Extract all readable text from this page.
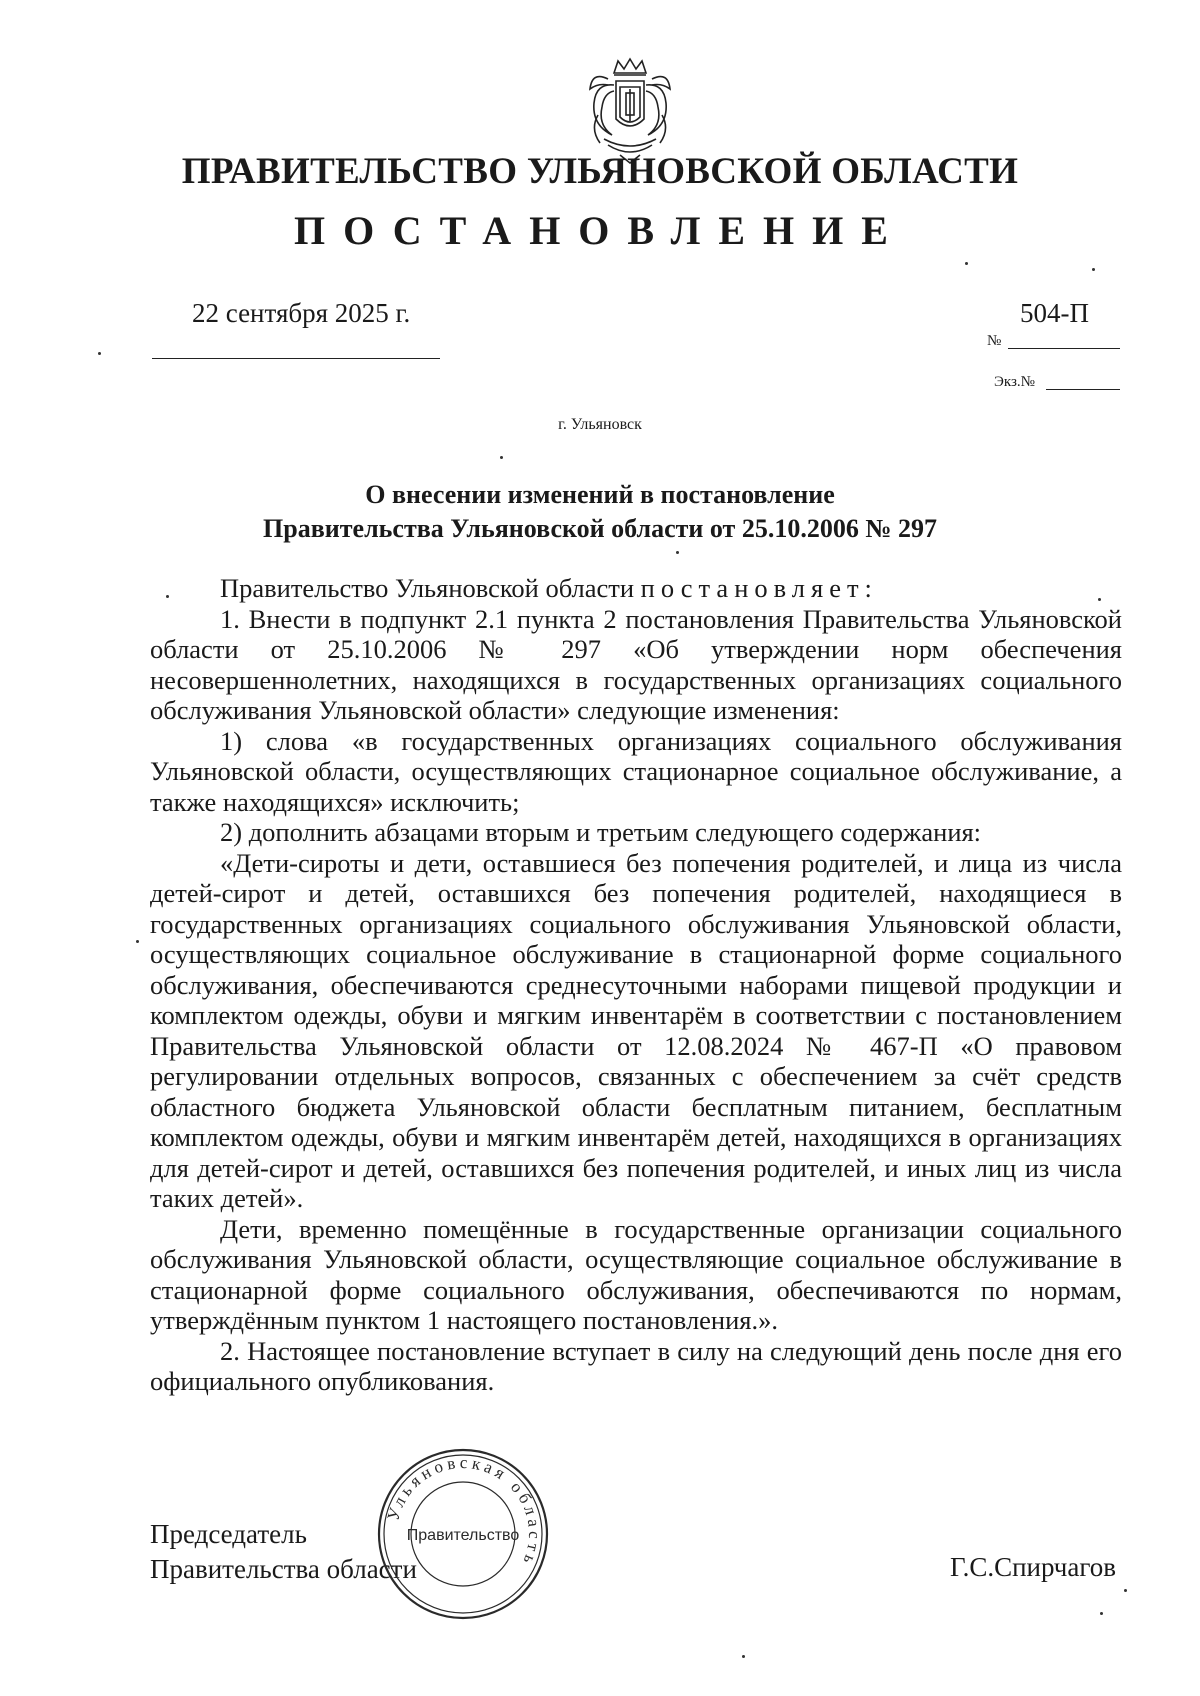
ПРАВИТЕЛЬСТВО УЛЬЯНОВСКОЙ ОБЛАСТИ
ПОСТАНОВЛЕНИЕ
22 сентября 2025 г.	504-П
№
Экз.№
г. Ульяновск
О внесении изменений в постановление
Правительства Ульяновской области от 25.10.2006 № 297

Правительство Ульяновской области постановляет:

1. Внести в подпункт 2.1 пункта 2 постановления Правительства Ульяновской области от 25.10.2006 № 297 «Об утверждении норм обеспечения несовершеннолетних, находящихся в государственных организациях социального обслуживания Ульяновской области» следующие изменения:

1) слова «в государственных организациях социального обслуживания Ульяновской области, осуществляющих стационарное социальное обслуживание, а также находящихся» исключить;

2) дополнить абзацами вторым и третьим следующего содержания:

«Дети-сироты и дети, оставшиеся без попечения родителей, и лица из числа детей-сирот и детей, оставшихся без попечения родителей, находящиеся в государственных организациях социального обслуживания Ульяновской области, осуществляющих социальное обслуживание в стационарной форме социального обслуживания, обеспечиваются среднесуточными наборами пищевой продукции и комплектом одежды, обуви и мягким инвентарём в соответствии с постановлением Правительства Ульяновской области от 12.08.2024 № 467-П «О правовом регулировании отдельных вопросов, связанных с обеспечением за счёт средств областного бюджета Ульяновской области бесплатным питанием, бесплатным комплектом одежды, обуви и мягким инвентарём детей, находящихся в организациях для детей-сирот и детей, оставшихся без попечения родителей, и иных лиц из числа таких детей».

Дети, временно помещённые в государственные организации социального обслуживания Ульяновской области, осуществляющие социальное обслуживание в стационарной форме социального обслуживания, обеспечиваются по нормам, утверждённым пунктом 1 настоящего постановления.».

2. Настоящее постановление вступает в силу на следующий день после дня его официального опубликования.

Председатель
Правительства области	Г.С.Спирчагов
Ульяновская область
Правительство
